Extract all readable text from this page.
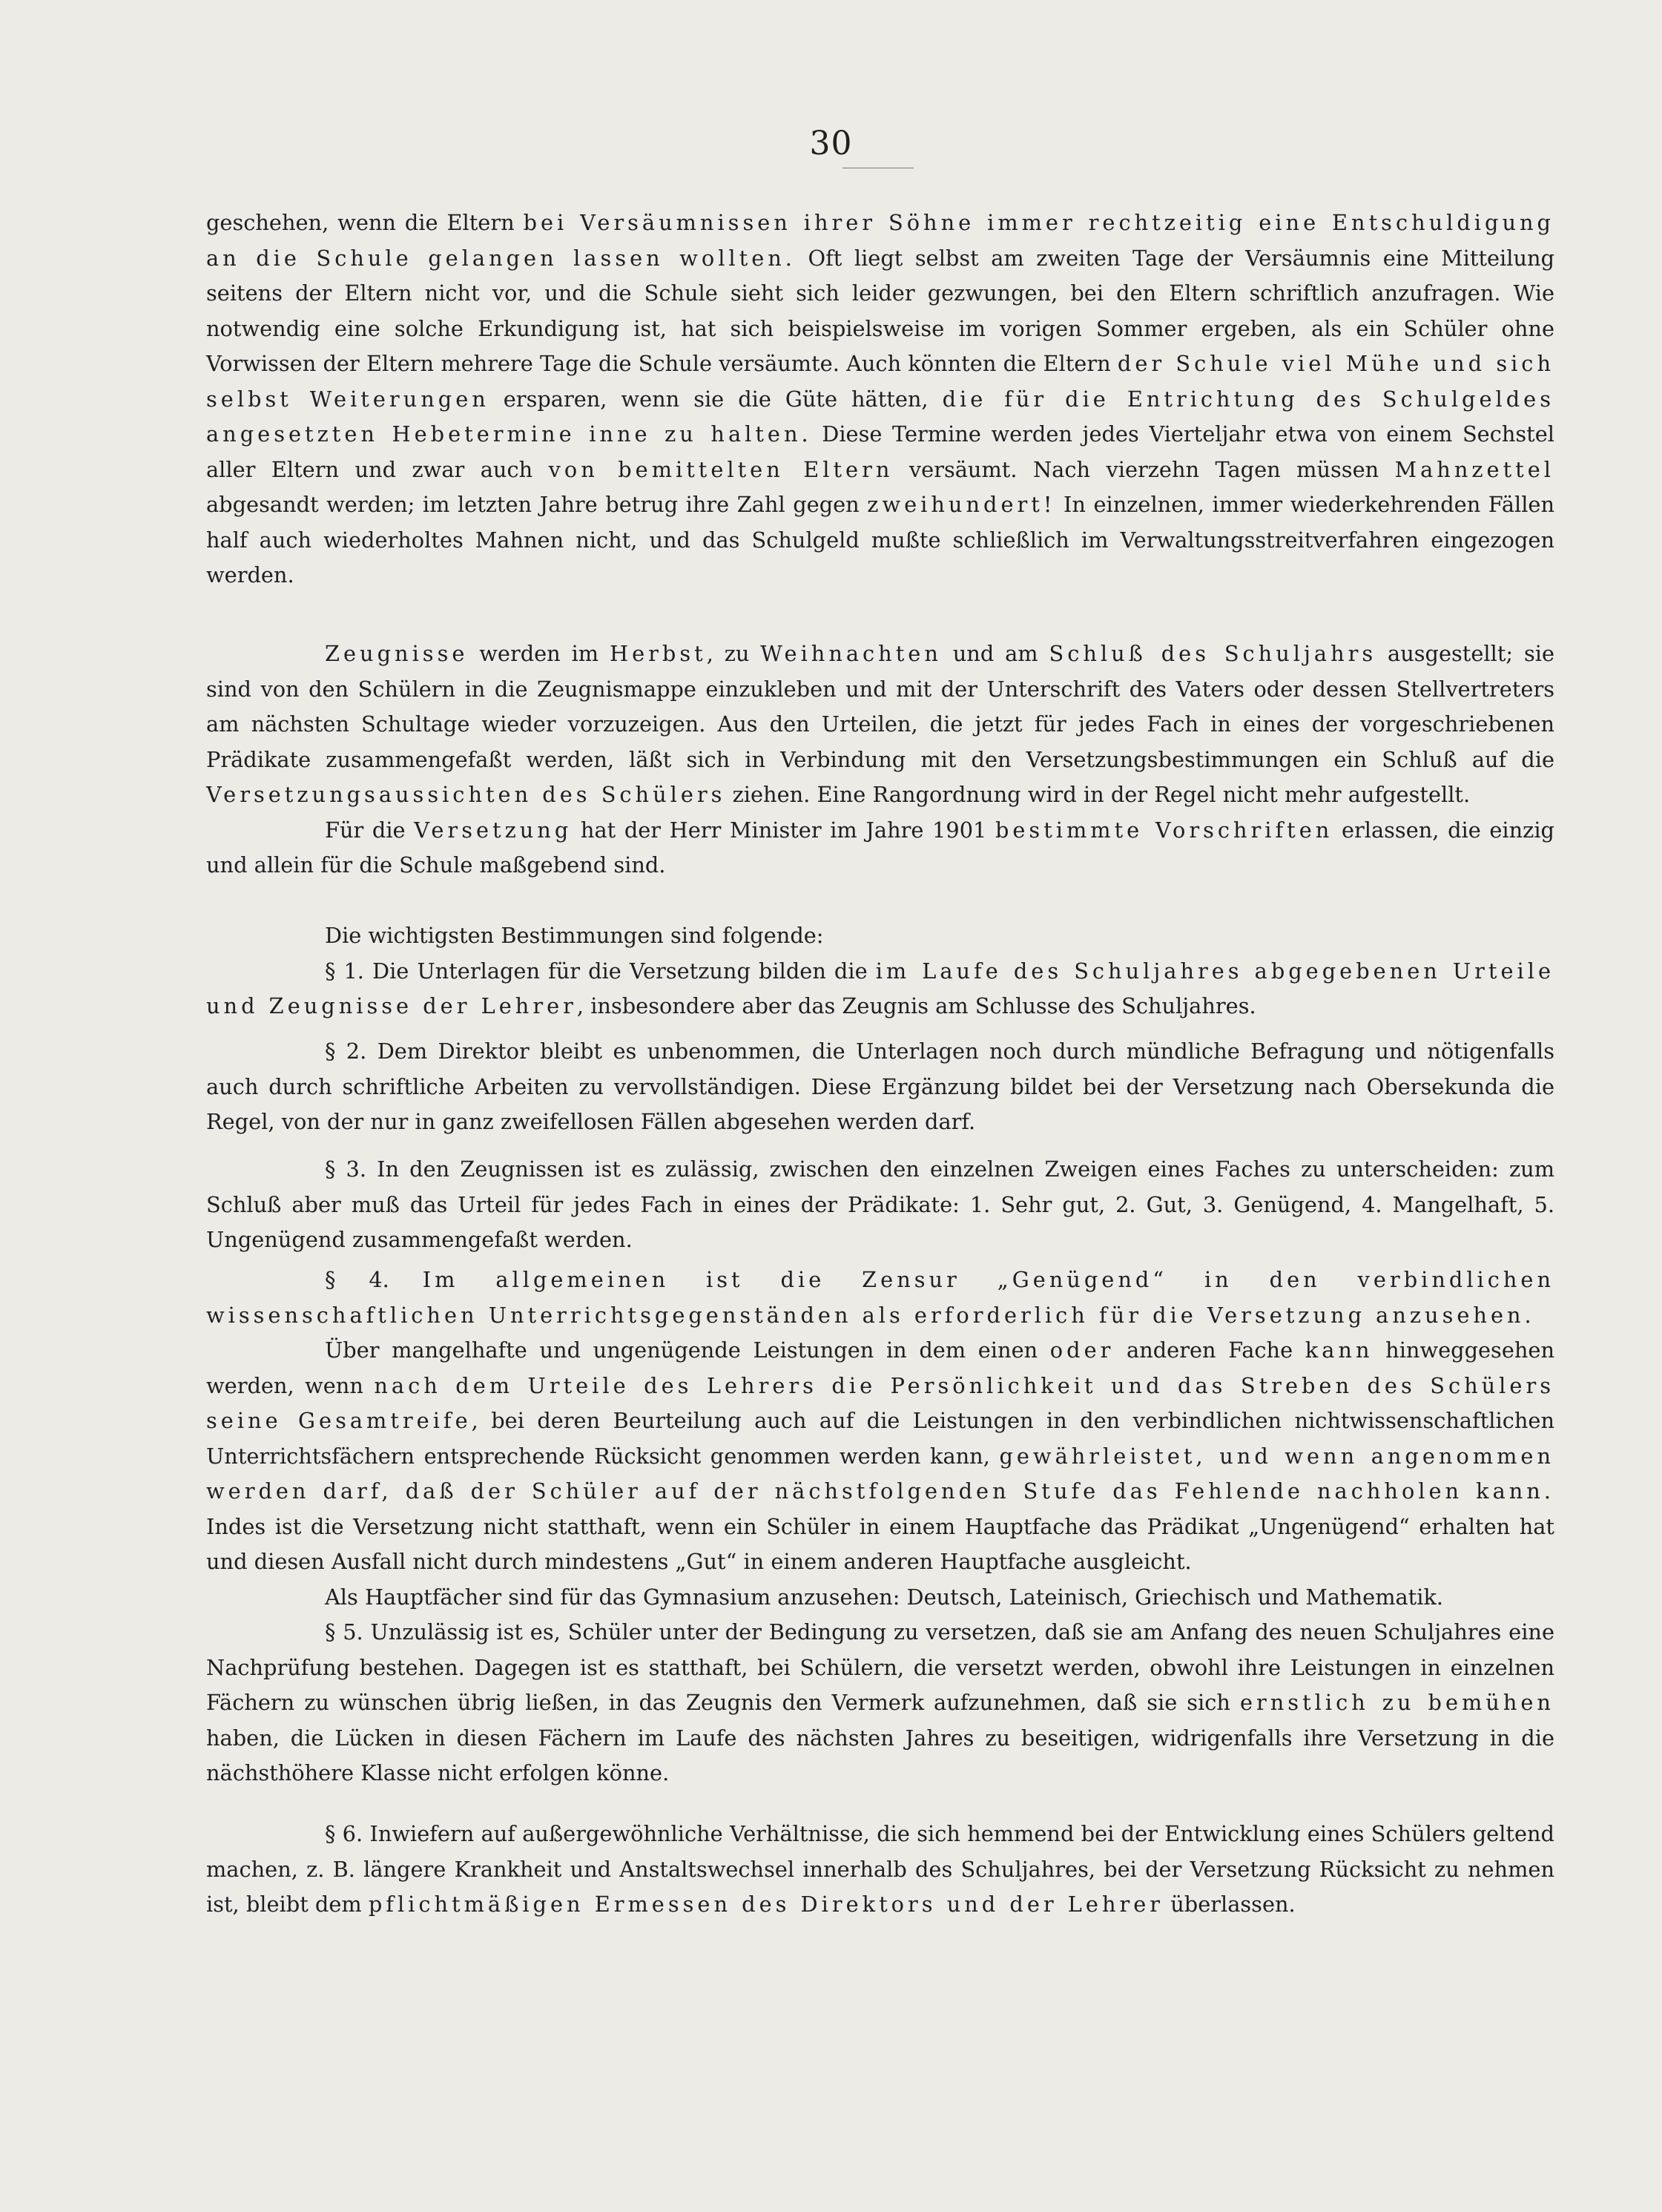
30

geschehen, wenn die Eltern bei Versäumnissen ihrer Söhne immer rechtzeitig eine Entschuldigung an die Schule gelangen lassen wollten. Oft liegt selbst am zweiten Tage der Versäumnis eine Mitteilung seitens der Eltern nicht vor, und die Schule sieht sich leider gezwungen, bei den Eltern schriftlich anzufragen. Wie notwendig eine solche Erkundigung ist, hat sich beispielsweise im vorigen Sommer ergeben, als ein Schüler ohne Vorwissen der Eltern mehrere Tage die Schule versäumte. Auch könnten die Eltern der Schule viel Mühe und sich selbst Weiterungen ersparen, wenn sie die Güte hätten, die für die Entrichtung des Schulgeldes angesetzten Hebetermine inne zu halten. Diese Termine werden jedes Vierteljahr etwa von einem Sechstel aller Eltern und zwar auch von bemittelten Eltern versäumt. Nach vierzehn Tagen müssen Mahnzettel abgesandt werden; im letzten Jahre betrug ihre Zahl gegen zweihundert! In einzelnen, immer wiederkehrenden Fällen half auch wiederholtes Mahnen nicht, und das Schulgeld mußte schließlich im Verwaltungsstreitverfahren eingezogen werden.

Zeugnisse werden im Herbst, zu Weihnachten und am Schluß des Schuljahrs ausgestellt; sie sind von den Schülern in die Zeugnismappe einzukleben und mit der Unterschrift des Vaters oder dessen Stellvertreters am nächsten Schultage wieder vorzuzeigen. Aus den Urteilen, die jetzt für jedes Fach in eines der vorgeschriebenen Prädikate zusammengefaßt werden, läßt sich in Verbindung mit den Versetzungsbestimmungen ein Schluß auf die Versetzungsaussichten des Schülers ziehen. Eine Rangordnung wird in der Regel nicht mehr aufgestellt.

Für die Versetzung hat der Herr Minister im Jahre 1901 bestimmte Vorschriften erlassen, die einzig und allein für die Schule maßgebend sind.

Die wichtigsten Bestimmungen sind folgende:

§ 1. Die Unterlagen für die Versetzung bilden die im Laufe des Schuljahres abgegebenen Urteile und Zeugnisse der Lehrer, insbesondere aber das Zeugnis am Schlusse des Schuljahres.

§ 2. Dem Direktor bleibt es unbenommen, die Unterlagen noch durch mündliche Befragung und nötigenfalls auch durch schriftliche Arbeiten zu vervollständigen. Diese Ergänzung bildet bei der Versetzung nach Obersekunda die Regel, von der nur in ganz zweifellosen Fällen abgesehen werden darf.

§ 3. In den Zeugnissen ist es zulässig, zwischen den einzelnen Zweigen eines Faches zu unterscheiden: zum Schluß aber muß das Urteil für jedes Fach in eines der Prädikate: 1. Sehr gut, 2. Gut, 3. Genügend, 4. Mangelhaft, 5. Ungenügend zusammengefaßt werden.

§ 4. Im allgemeinen ist die Zensur „Genügend“ in den verbindlichen wissenschaftlichen Unterrichtsgegenständen als erforderlich für die Versetzung anzusehen.

Über mangelhafte und ungenügende Leistungen in dem einen oder anderen Fache kann hinweggesehen werden, wenn nach dem Urteile des Lehrers die Persönlichkeit und das Streben des Schülers seine Gesamtreife, bei deren Beurteilung auch auf die Leistungen in den verbindlichen nichtwissenschaftlichen Unterrichtsfächern entsprechende Rücksicht genommen werden kann, gewährleistet, und wenn angenommen werden darf, daß der Schüler auf der nächstfolgenden Stufe das Fehlende nachholen kann. Indes ist die Versetzung nicht statthaft, wenn ein Schüler in einem Hauptfache das Prädikat „Ungenügend“ erhalten hat und diesen Ausfall nicht durch mindestens „Gut“ in einem anderen Hauptfache ausgleicht.

Als Hauptfächer sind für das Gymnasium anzusehen: Deutsch, Lateinisch, Griechisch und Mathematik.

§ 5. Unzulässig ist es, Schüler unter der Bedingung zu versetzen, daß sie am Anfang des neuen Schuljahres eine Nachprüfung bestehen. Dagegen ist es statthaft, bei Schülern, die versetzt werden, obwohl ihre Leistungen in einzelnen Fächern zu wünschen übrig ließen, in das Zeugnis den Vermerk aufzunehmen, daß sie sich ernstlich zu bemühen haben, die Lücken in diesen Fächern im Laufe des nächsten Jahres zu beseitigen, widrigenfalls ihre Versetzung in die nächsthöhere Klasse nicht erfolgen könne.

§ 6. Inwiefern auf außergewöhnliche Verhältnisse, die sich hemmend bei der Entwicklung eines Schülers geltend machen, z. B. längere Krankheit und Anstaltswechsel innerhalb des Schuljahres, bei der Versetzung Rücksicht zu nehmen ist, bleibt dem pflichtmäßigen Ermessen des Direktors und der Lehrer überlassen.
